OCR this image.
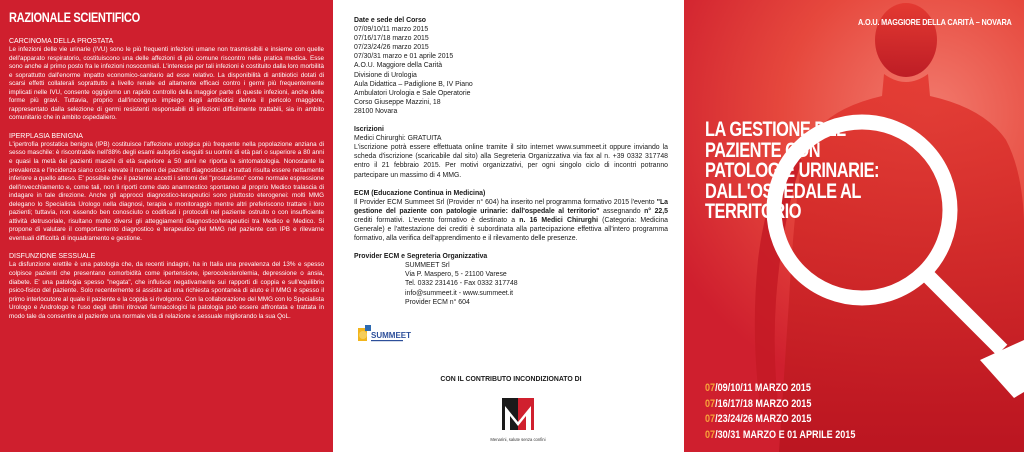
RAZIONALE SCIENTIFICO
CARCINOMA DELLA PROSTATA

Le infezioni delle vie urinarie (IVU) sono le più frequenti infezioni umane non trasmissibili e insieme con quelle dell'apparato respiratorio, costituiscono una delle affezioni di più comune riscontro nella pratica medica. Esse sono anche al primo posto fra le infezioni nosocomiali. L'interesse per tali infezioni è costituito dalla loro morbilità e soprattutto dall'enorme impatto economico-sanitario ad esse relativo. La disponibilità di antibiotici dotati di scarsi effetti collaterali soprattutto a livello renale ed altamente efficaci contro i germi più frequentemente implicati nelle IVU, consente oggigiorno un rapido controllo della maggior parte di queste infezioni, anche delle forme più gravi. Tuttavia, proprio dall'incongruo impiego degli antibiotici deriva il pericolo maggiore, rappresentato dalla selezione di germi resistenti responsabili di infezioni difficilmente trattabili, sia in ambito comunitario che in ambito ospedaliero.

IPERPLASIA BENIGNA

L'ipertrofia prostatica benigna (IPB) costituisce l'affezione urologica più frequente nella popolazione anziana di sesso maschile: è riscontrabile nell'88% degli esami autoptici eseguiti su uomini di età pari o superiore a 80 anni e quasi la metà dei pazienti maschi di età superiore a 50 anni ne riporta la sintomatologia. Nonostante la prevalenza e l'incidenza siano così elevate il numero dei pazienti diagnosticati e trattati risulta essere nettamente inferiore a quello atteso. E' possibile che il paziente accetti i sintomi del "prostatismo" come normale espressione dell'invecchiamento e, come tali, non li riporti come dato anamnestico spontaneo al proprio Medico tralascia di indagare in tale direzione. Anche gli approcci diagnostico-terapeutici sono piuttosto eterogenei: molti MMG delegano lo Specialista Urologo nella diagnosi, terapia e monitoraggio mentre altri preferiscono trattare i loro pazienti; tuttavia, non essendo ben conosciuto o codificati i protocolli nel paziente ostruito o con insufficiente attività detrusoriale, risultano molto diversi gli atteggiamenti diagnostico/terapeutici tra Medico e Medico. Si propone di valutare il comportamento diagnostico e terapeutico del MMG nel paziente con IPB e rilevarne eventuali difficoltà di inquadramento e gestione.

DISFUNZIONE SESSUALE

La disfunzione erettile è una patologia che, da recenti indagini, ha in Italia una prevalenza del 13% e spesso colpisce pazienti che presentano comorbidità come ipertensione, iperocolesterolemia, depressione o ansia, diabete. E' una patologia spesso "negata", che influisce negativamente sui rapporti di coppia e sull'equilibrio psico-fisico del paziente. Solo recentemente si assiste ad una richiesta spontanea di aiuto e il MMG è spesso il primo interlocutore al quale il paziente e la coppia si rivolgono. Con la collaborazione del MMG con lo Specialista Urologo e Andrologo e l'uso degli ultimi ritrovati farmacologici la patologia può essere affrontata e trattata in modo tale da consentire al paziente una normale vita di relazione e sessuale migliorando la sua QoL.

Date e sede del Corso
07/09/10/11 marzo 2015
07/16/17/18 marzo 2015
07/23/24/26 marzo 2015
07/30/31 marzo e 01 aprile 2015
A.O.U. Maggiore della Carità
Divisione di Urologia
Aula Didattica – Padiglione B, IV Piano
Ambulatori Urologia e Sale Operatorie
Corso Giuseppe Mazzini, 18
28100 Novara
Iscrizioni
Medici Chirurghi: GRATUITA
L'iscrizione potrà essere effettuata online tramite il sito internet www.summeet.it oppure inviando la scheda d'iscrizione (scaricabile dal sito) alla Segreteria Organizzativa via fax al n. +39 0332 317748 entro il 21 febbraio 2015. Per motivi organizzativi, per ogni singolo ciclo di incontri potranno partecipare un massimo di 4 MMG.
ECM (Educazione Continua in Medicina)
Il Provider ECM Summeet Srl (Provider n° 604) ha inserito nel programma formativo 2015 l'evento "La gestione del paziente con patologie urinarie: dall'ospedale al territorio" assegnando n° 22,5 crediti formativi. L'evento formativo è destinato a n. 16 Medici Chirurghi (Categoria: Medicina Generale) e l'attestazione dei crediti è subordinata alla partecipazione effettiva all'intero programma formativo, alla verifica dell'apprendimento e il rilevamento delle presenze.
Provider ECM e Segreteria Organizzativa
SUMMEET Srl
Via P. Maspero, 5 - 21100 Varese
Tel. 0332 231416 - Fax 0332 317748
info@summeet.it - www.summeet.it
Provider ECM n° 604
CON IL CONTRIBUTO INCONDIZIONATO DI
SUMMEET
Menarini, salute senza confini
A.O.U. MAGGIORE DELLA CARITÀ – NOVARA
LA GESTIONE DEL
PAZIENTE CON
PATOLOGIE URINARIE:
DALL'OSPEDALE AL
TERRITORIO
07/09/10/11 MARZO 2015
07/16/17/18 MARZO 2015
07/23/24/26 MARZO 2015
07/30/31 MARZO E 01 APRILE 2015
